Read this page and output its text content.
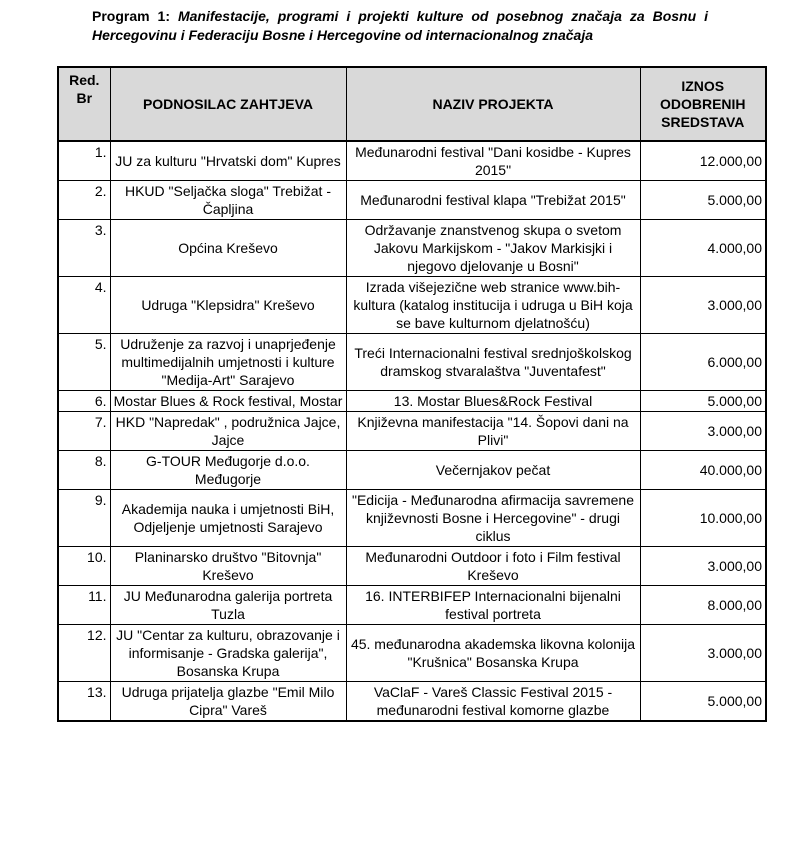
Program 1: Manifestacije, programi i projekti kulture od posebnog značaja za Bosnu i Hercegovinu i Federaciju Bosne i Hercegovine od internacionalnog značaja
Red. Br	PODNOSILAC ZAHTJEVA	NAZIV PROJEKTA	IZNOS ODOBRENIH SREDSTAVA
1.	JU za kulturu "Hrvatski dom" Kupres	Međunarodni festival "Dani kosidbe - Kupres 2015"	12.000,00
2.	HKUD "Seljačka sloga" Trebižat - Čapljina	Međunarodni festival klapa "Trebižat 2015"	5.000,00
3.	Općina Kreševo	Održavanje znanstvenog skupa o svetom Jakovu Markijskom - "Jakov Markisjki i njegovo djelovanje u Bosni"	4.000,00
4.	Udruga "Klepsidra" Kreševo	Izrada višejezične web stranice www.bih-kultura (katalog institucija i udruga u BiH koja se bave kulturnom djelatnošću)	3.000,00
5.	Udruženje za razvoj i unaprjeđenje multimedijalnih umjetnosti i kulture "Medija-Art" Sarajevo	Treći Internacionalni festival srednjoškolskog dramskog stvaralaštva "Juventafest"	6.000,00
6.	Mostar Blues & Rock festival, Mostar	13. Mostar Blues&Rock Festival	5.000,00
7.	HKD "Napredak" , podružnica Jajce, Jajce	Književna manifestacija "14. Šopovi dani na Plivi"	3.000,00
8.	G-TOUR Međugorje d.o.o. Međugorje	Večernjakov pečat	40.000,00
9.	Akademija nauka i umjetnosti BiH, Odjeljenje umjetnosti Sarajevo	"Edicija - Međunarodna afirmacija savremene književnosti Bosne i Hercegovine" - drugi ciklus	10.000,00
10.	Planinarsko društvo "Bitovnja" Kreševo	Međunarodni Outdoor i foto i Film festival Kreševo	3.000,00
11.	JU Međunarodna galerija portreta Tuzla	16. INTERBIFEP Internacionalni bijenalni festival portreta	8.000,00
12.	JU "Centar za kulturu, obrazovanje i informisanje - Gradska galerija", Bosanska Krupa	45. međunarodna akademska likovna kolonija "Krušnica" Bosanska Krupa	3.000,00
13.	Udruga prijatelja glazbe "Emil Milo Cipra" Vareš	VaClaF - Vareš Classic Festival 2015 - međunarodni festival komorne glazbe	5.000,00
